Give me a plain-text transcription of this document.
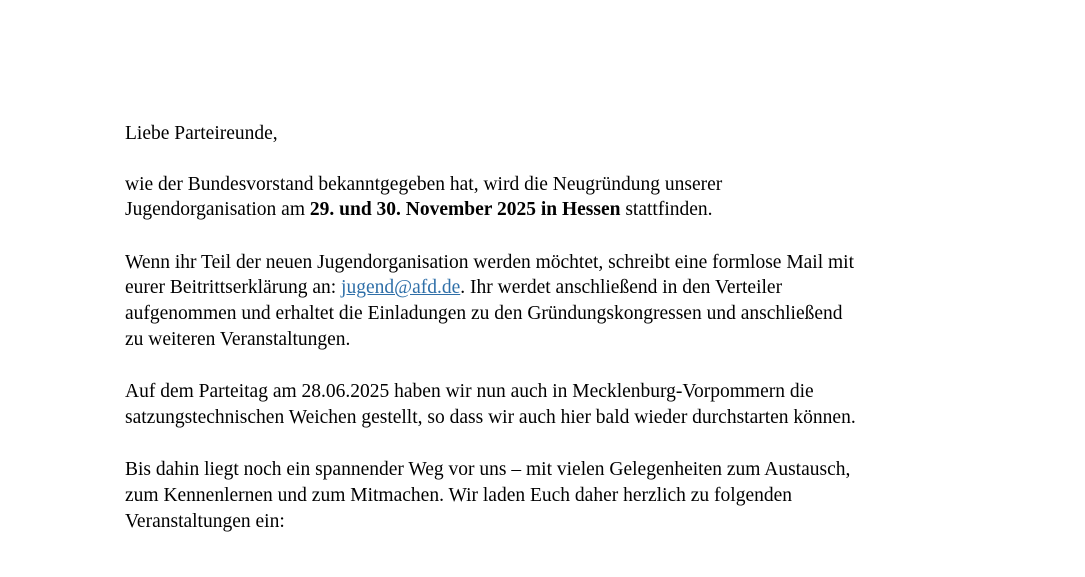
Liebe Parteireunde,

wie der Bundesvorstand bekanntgegeben hat, wird die Neugründung unserer
Jugendorganisation am 29. und 30. November 2025 in Hessen stattfinden.

Wenn ihr Teil der neuen Jugendorganisation werden möchtet, schreibt eine formlose Mail mit
eurer Beitrittserklärung an: jugend@afd.de. Ihr werdet anschließend in den Verteiler
aufgenommen und erhaltet die Einladungen zu den Gründungskongressen und anschließend
zu weiteren Veranstaltungen.

Auf dem Parteitag am 28.06.2025 haben wir nun auch in Mecklenburg-Vorpommern die
satzungstechnischen Weichen gestellt, so dass wir auch hier bald wieder durchstarten können.

Bis dahin liegt noch ein spannender Weg vor uns – mit vielen Gelegenheiten zum Austausch,
zum Kennenlernen und zum Mitmachen. Wir laden Euch daher herzlich zu folgenden
Veranstaltungen ein:
